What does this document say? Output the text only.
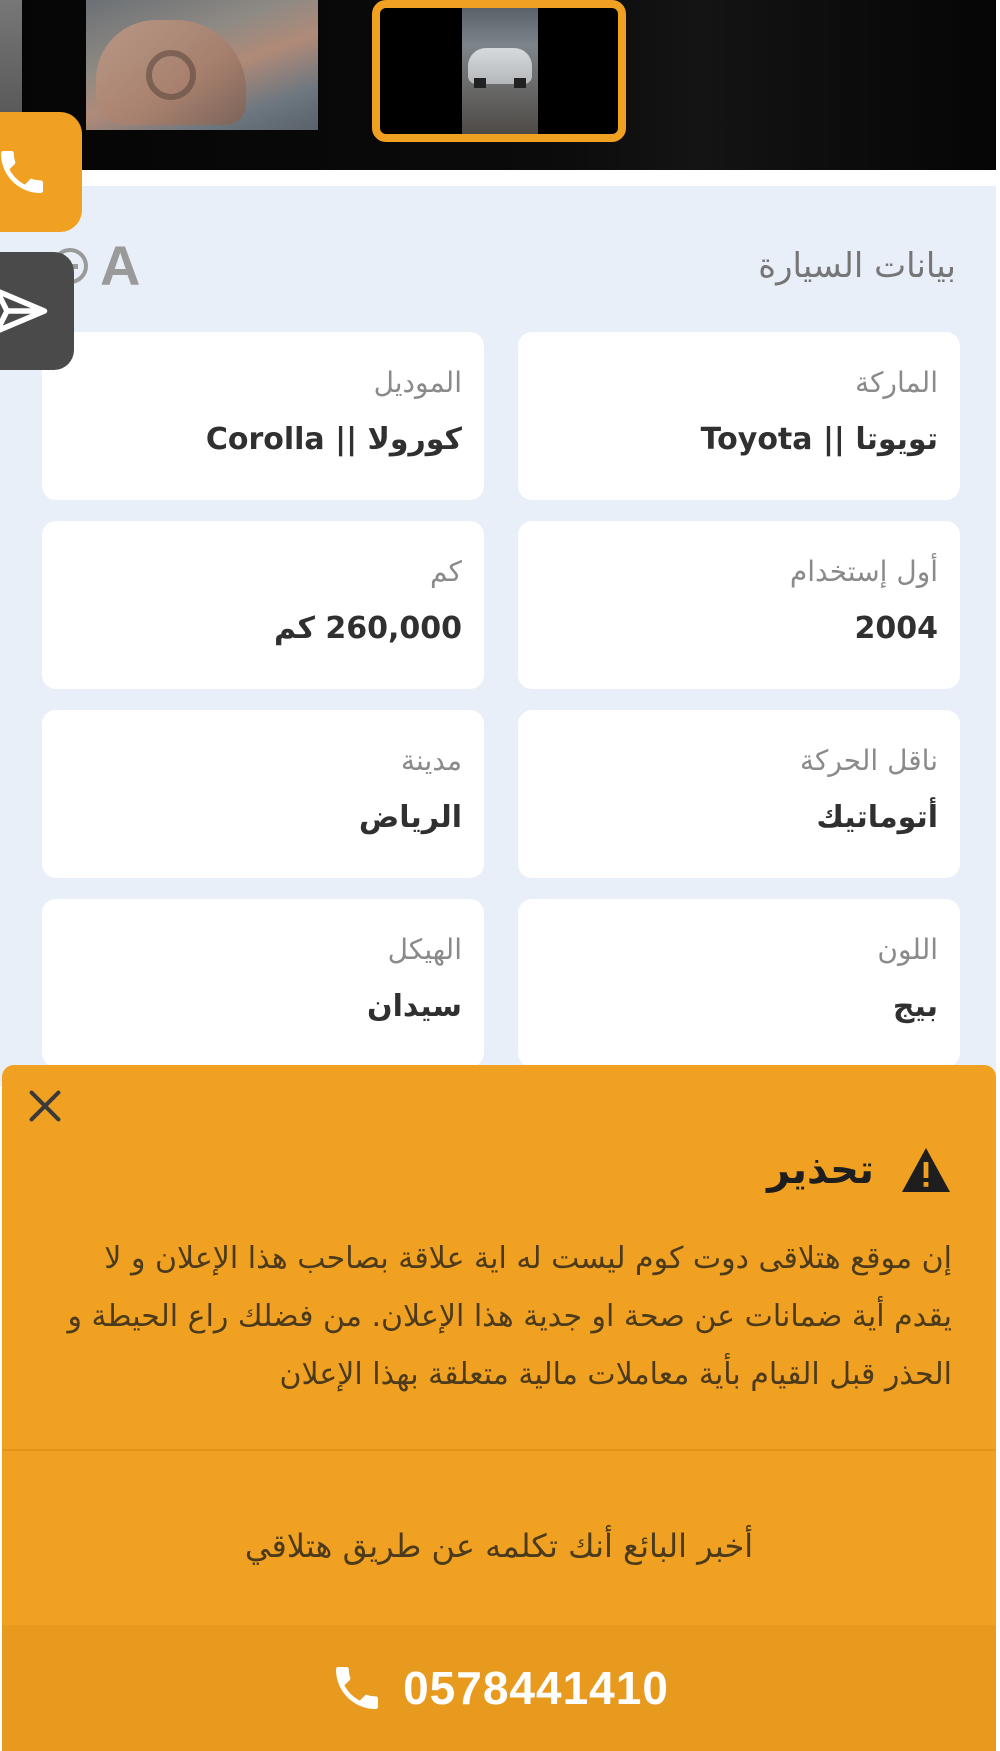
بيانات السيارة
A
الماركة
تويوتا || Toyota
الموديل
كورولا || Corolla
أول إستخدام
2004
كم
260,000 كم
ناقل الحركة
أتوماتيك
مدينة
الرياض
اللون
بيج
الهيكل
سيدان
تحذير
إن موقع هتلاقى دوت كوم ليست له اية علاقة بصاحب هذا الإعلان و لا يقدم أية ضمانات عن صحة او جدية هذا الإعلان. من فضلك راع الحيطة و الحذر قبل القيام بأية معاملات مالية متعلقة بهذا الإعلان
أخبر البائع أنك تكلمه عن طريق هتلاقي
0578441410
